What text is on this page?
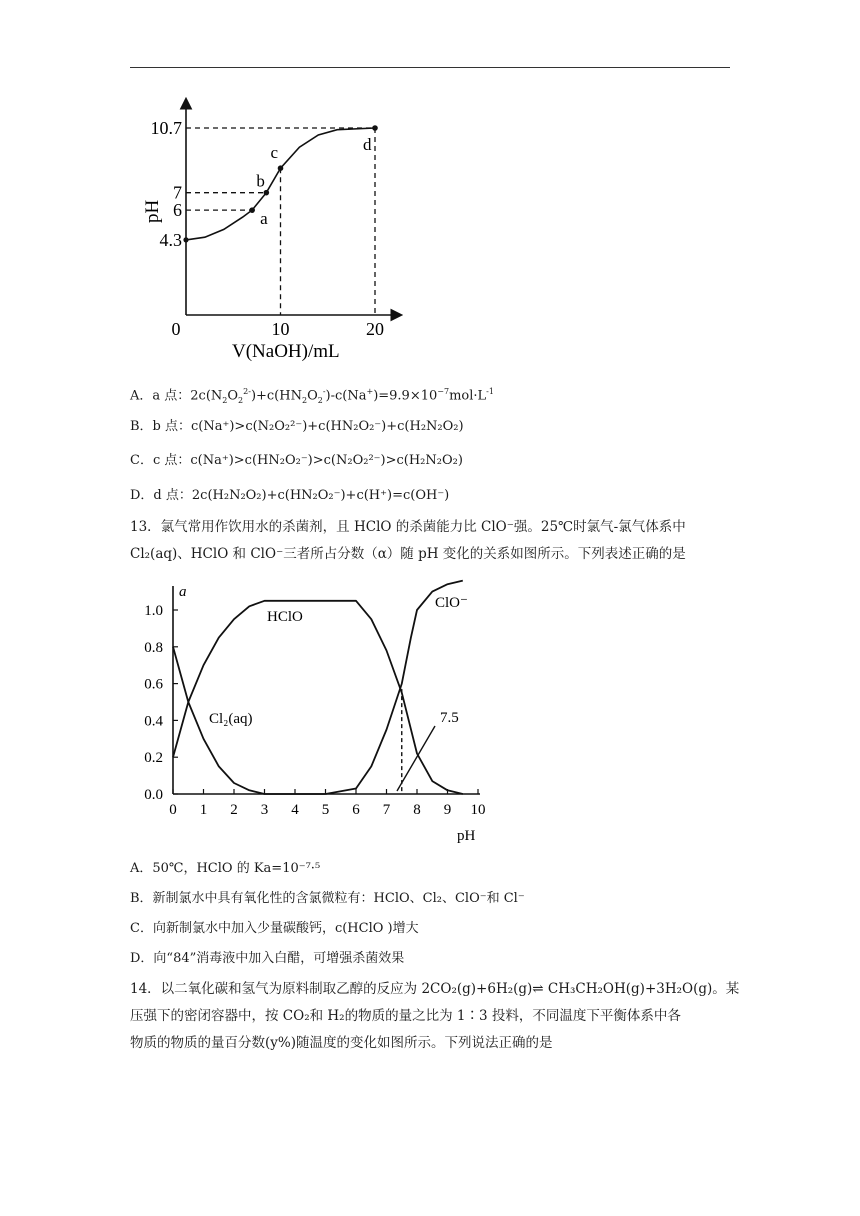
a
b
c	d
4.3
6
7
10.7
0	10	20
pH
V(NaOH)/mL
A．a 点：$2c(N_2O_2^{2-})+c(HN_2O_2^-)-c(Na^+)=9.9\times 10^{-7}mol\cdot L^{-1}$
B．b 点：c(Na⁺)>c(N₂O₂²⁻)+c(HN₂O₂⁻)+c(H₂N₂O₂)
C．c 点：c(Na⁺)>c(HN₂O₂⁻)>c(N₂O₂²⁻)>c(H₂N₂O₂)
D．d 点：2c(H₂N₂O₂)+c(HN₂O₂⁻)+c(H⁺)=c(OH⁻)
13．氯气常用作饮用水的杀菌剂，且 HClO 的杀菌能力比 ClO⁻强。25℃时氯气-氯气体系中
Cl₂(aq)、HClO 和 ClO⁻三者所占分数（α）随 pH 变化的关系如图所示。下列表述正确的是
a
0.0
0.2
0.4
0.6
0.8
1.0
0 1 2 3 4 5 6 7 8 9 10
7.5
HClO
ClO⁻
Cl₂(aq)
pH
A．50℃，HClO 的 Ka=10⁻⁷·⁵
B．新制氯水中具有氧化性的含氯微粒有：HClO、Cl₂、ClO⁻和 Cl⁻
C．向新制氯水中加入少量碳酸钙，c(HClO )增大
D．向“84”消毒液中加入白醋，可增强杀菌效果
14．以二氧化碳和氢气为原料制取乙醇的反应为 2CO₂(g)+6H₂(g)⇌ CH₃CH₂OH(g)+3H₂O(g)。某
压强下的密闭容器中，按 CO₂和 H₂的物质的量之比为 1∶3 投料，不同温度下平衡体系中各
物质的物质的量百分数(y%)随温度的变化如图所示。下列说法正确的是
